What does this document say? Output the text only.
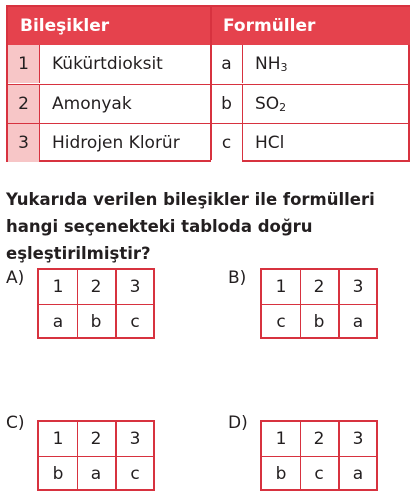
Bileşikler	Formüller
1	Kükürtdioksit	a	$NH_3$
2	Amonyak	b	$SO_2$
3	Hidrojen Klorür	c	HCl
Yukarıda verilen bileşikler ile formülleri hangi seçenekteki tabloda doğru eşleştirilmiştir?
A)	1	2	3
a	b	c
B)	1	2	3
c	b	a
C)
1	2	3
b	a	c
D)
1	2	3
b	c	a
